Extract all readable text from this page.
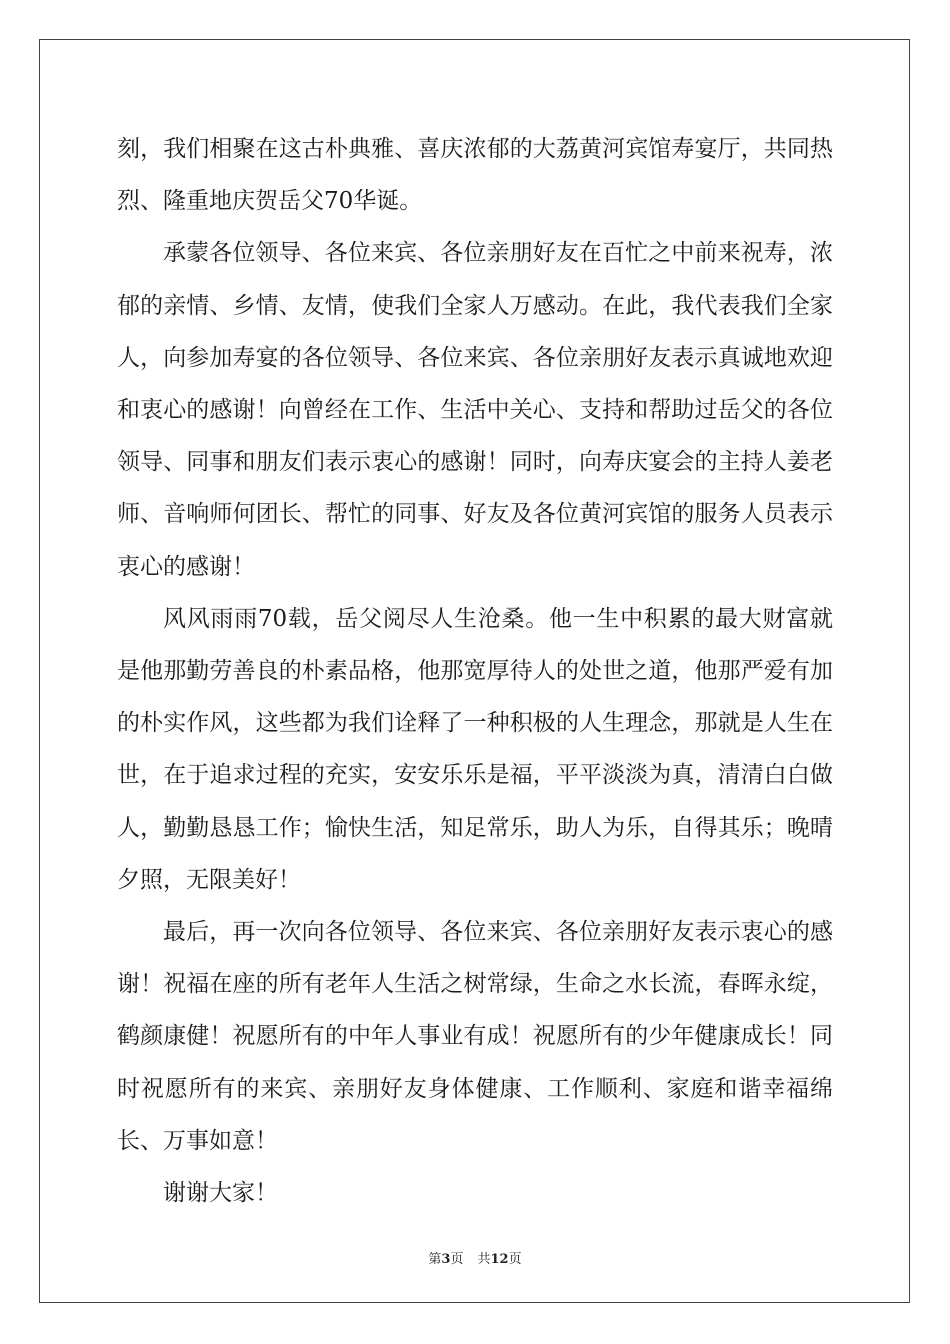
刻，我们相聚在这古朴典雅、喜庆浓郁的大荔黄河宾馆寿宴厅，共同热烈、隆重地庆贺岳父70华诞。

承蒙各位领导、各位来宾、各位亲朋好友在百忙之中前来祝寿，浓郁的亲情、乡情、友情，使我们全家人万感动。在此，我代表我们全家人，向参加寿宴的各位领导、各位来宾、各位亲朋好友表示真诚地欢迎和衷心的感谢！向曾经在工作、生活中关心、支持和帮助过岳父的各位领导、同事和朋友们表示衷心的感谢！同时，向寿庆宴会的主持人姜老师、音响师何团长、帮忙的同事、好友及各位黄河宾馆的服务人员表示衷心的感谢！

风风雨雨70载，岳父阅尽人生沧桑。他一生中积累的最大财富就是他那勤劳善良的朴素品格，他那宽厚待人的处世之道，他那严爱有加的朴实作风，这些都为我们诠释了一种积极的人生理念，那就是人生在世，在于追求过程的充实，安安乐乐是福，平平淡淡为真，清清白白做人，勤勤恳恳工作；愉快生活，知足常乐，助人为乐，自得其乐；晚晴夕照，无限美好！

最后，再一次向各位领导、各位来宾、各位亲朋好友表示衷心的感谢！祝福在座的所有老年人生活之树常绿，生命之水长流，春晖永绽，鹤颜康健！祝愿所有的中年人事业有成！祝愿所有的少年健康成长！同时祝愿所有的来宾、亲朋好友身体健康、工作顺利、家庭和谐幸福绵长、万事如意！

谢谢大家！

第3页 共12页
